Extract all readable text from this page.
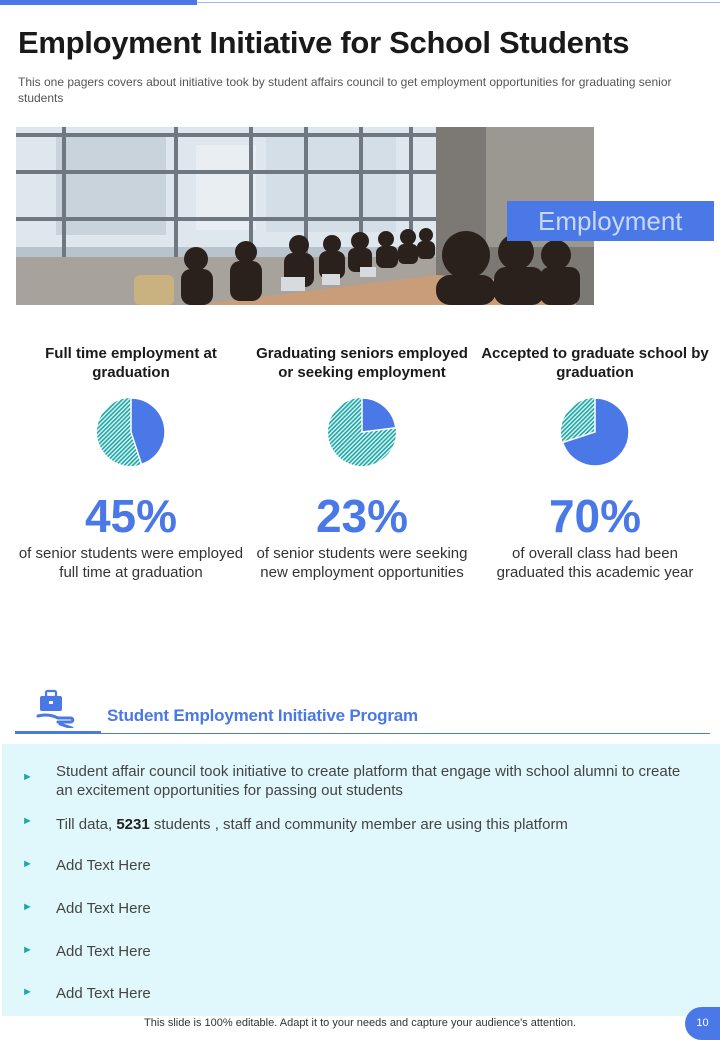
Employment Initiative for School Students
This one pagers covers about initiative took by student affairs council to get employment opportunities for graduating senior students
Employment
Full time employment at graduation
45%
of senior students were employed full time at graduation
Graduating seniors employed or seeking employment
23%
of senior students were seeking new employment opportunities
Accepted to graduate school by graduation
70%
of overall class had been graduated this academic year
Student Employment Initiative Program
► Student affair council took initiative to create platform that engage with school alumni to create an excitement opportunities for passing out students
► Till data, 5231 students , staff and community member are using this platform
► Add Text Here
► Add Text Here
► Add Text Here
► Add Text Here
This slide is 100% editable. Adapt it to your needs and capture your audience's attention.	10
